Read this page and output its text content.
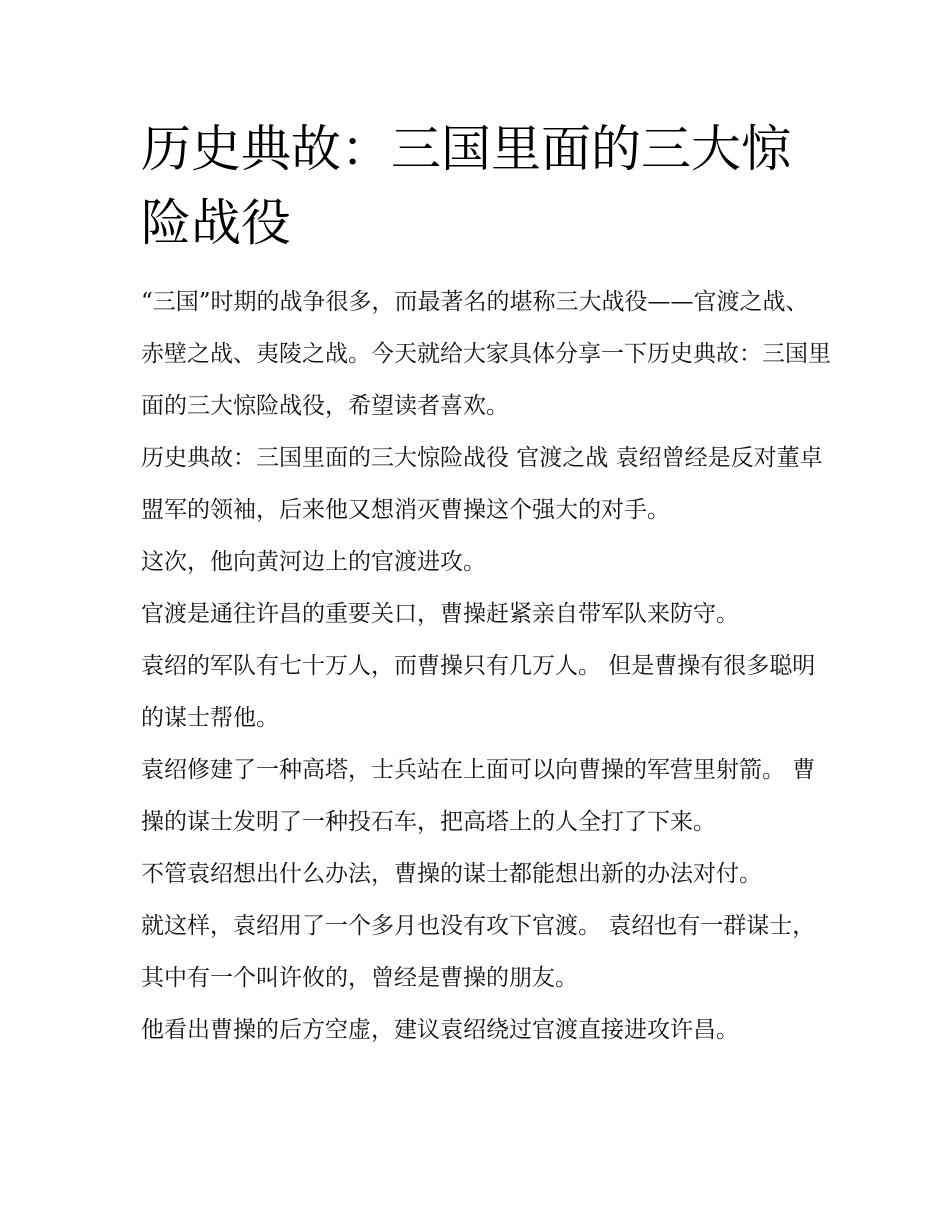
历史典故：三国里面的三大惊险战役

“三国”时期的战争很多，而最著名的堪称三大战役——官渡之战、赤壁之战、夷陵之战。今天就给大家具体分享一下历史典故：三国里面的三大惊险战役，希望读者喜欢。

历史典故：三国里面的三大惊险战役 官渡之战 袁绍曾经是反对董卓盟军的领袖，后来他又想消灭曹操这个强大的对手。

这次，他向黄河边上的官渡进攻。

官渡是通往许昌的重要关口，曹操赶紧亲自带军队来防守。

袁绍的军队有七十万人，而曹操只有几万人。 但是曹操有很多聪明的谋士帮他。

袁绍修建了一种高塔，士兵站在上面可以向曹操的军营里射箭。 曹操的谋士发明了一种投石车，把高塔上的人全打了下来。

不管袁绍想出什么办法，曹操的谋士都能想出新的办法对付。

就这样，袁绍用了一个多月也没有攻下官渡。 袁绍也有一群谋士，其中有一个叫许攸的，曾经是曹操的朋友。

他看出曹操的后方空虚，建议袁绍绕过官渡直接进攻许昌。
